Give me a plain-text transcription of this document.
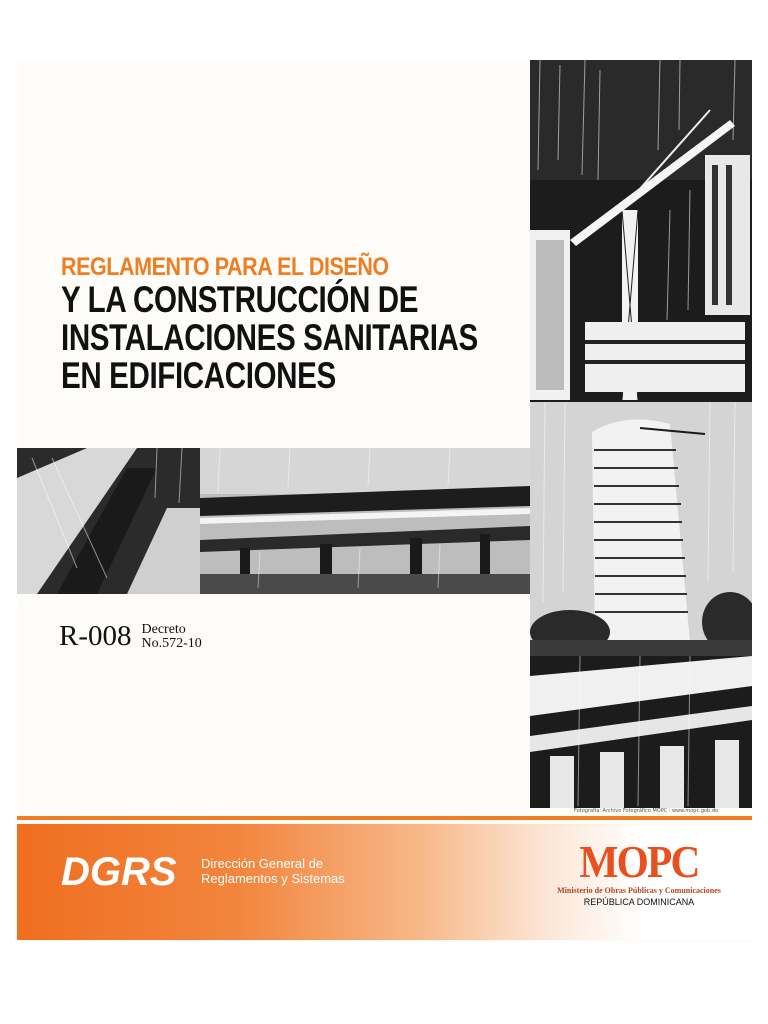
REGLAMENTO PARA EL DISEÑO
Y LA CONSTRUCCIÓN DE
INSTALACIONES SANITARIAS
EN EDIFICACIONES
R-008 Decreto
No.572-10
Fotografía: Archivo Fotográfico MOPC · www.mopc.gob.do
DGRS Dirección General de
Reglamentos y Sistemas	MOPC
Ministerio de Obras Públicas y Comunicaciones
REPÚBLICA DOMINICANA
